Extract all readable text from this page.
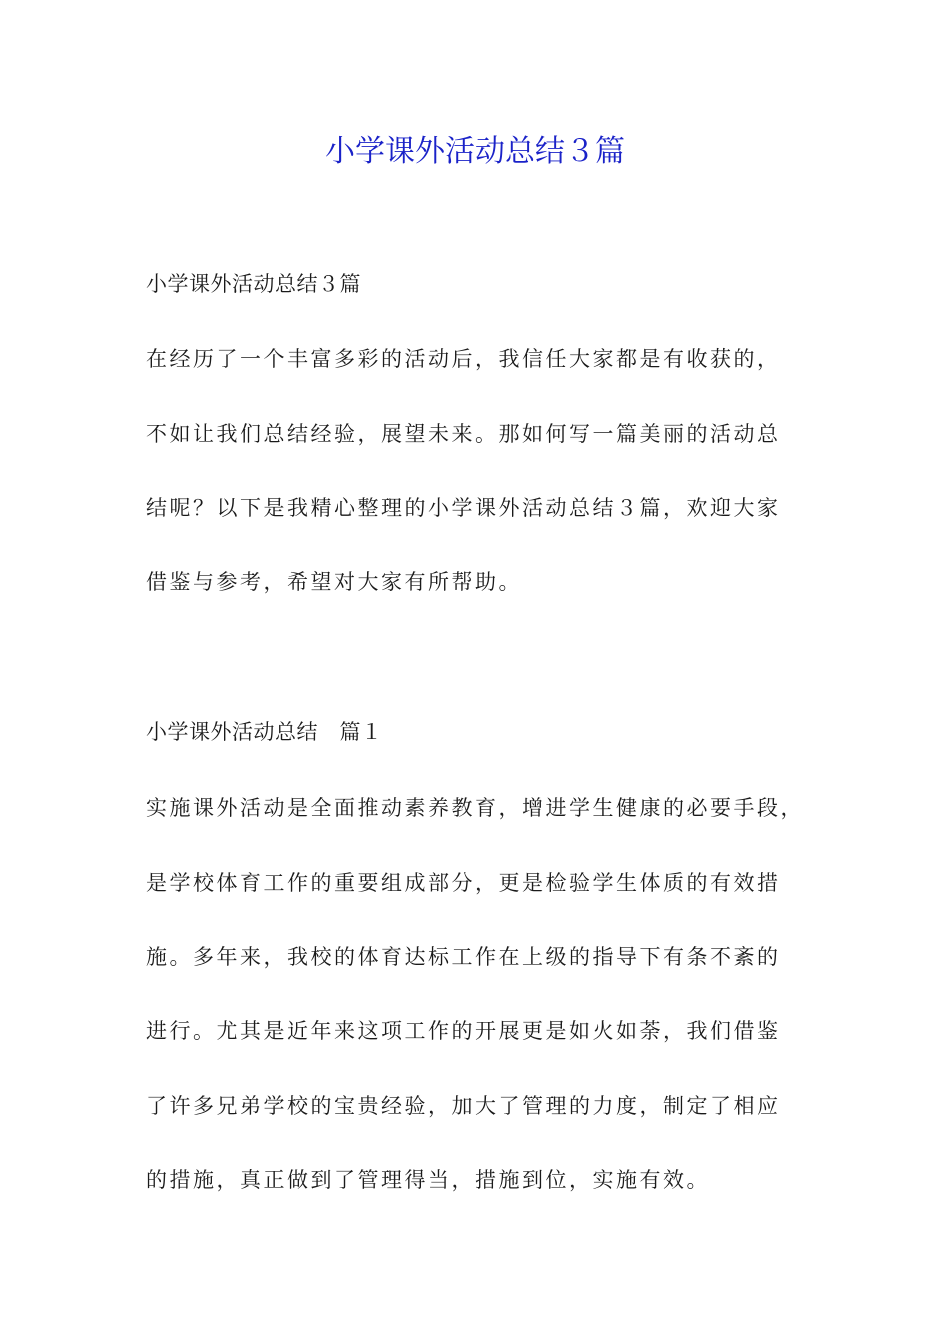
小学课外活动总结３篇
小学课外活动总结３篇
在经历了一个丰富多彩的活动后，我信任大家都是有收获的，
不如让我们总结经验，展望未来。那如何写一篇美丽的活动总
结呢？以下是我精心整理的小学课外活动总结３篇，欢迎大家
借鉴与参考，希望对大家有所帮助。
小学课外活动总结　篇１
实施课外活动是全面推动素养教育，增进学生健康的必要手段，
是学校体育工作的重要组成部分，更是检验学生体质的有效措
施。多年来，我校的体育达标工作在上级的指导下有条不紊的
进行。尤其是近年来这项工作的开展更是如火如荼，我们借鉴
了许多兄弟学校的宝贵经验，加大了管理的力度，制定了相应
的措施，真正做到了管理得当，措施到位，实施有效。
